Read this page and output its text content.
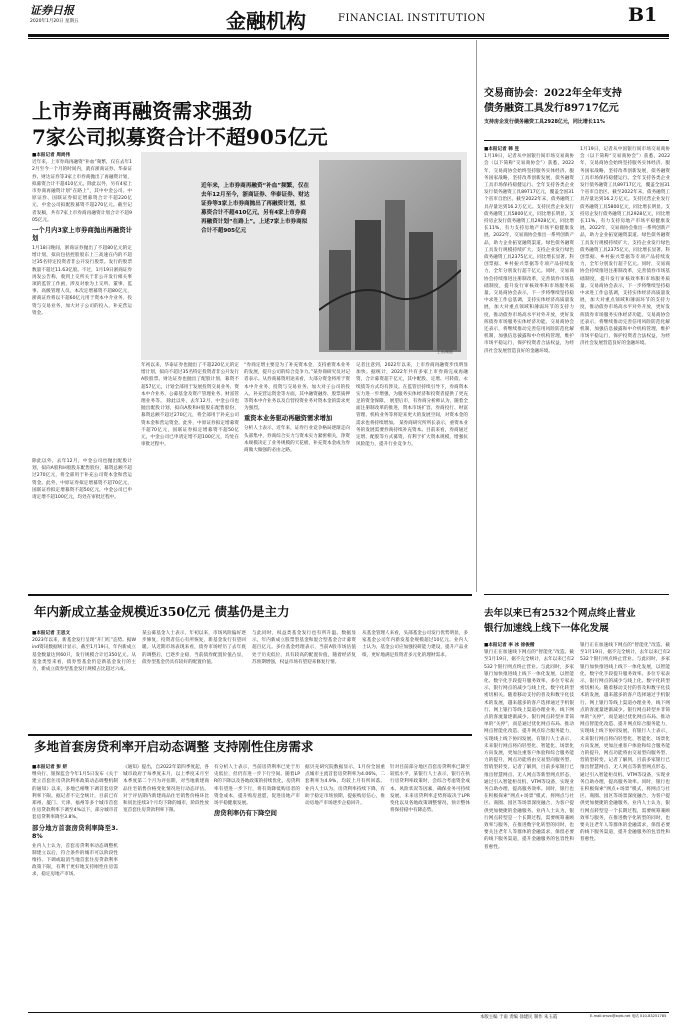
证券日报
2020年1月20日 星期五	金融机构	FINANCIAL INSTITUTION	B1
上市券商再融资需求强劲
7家公司拟募资合计不超905亿元
■本报记者 周尚伟
近年来，上市券商再融资“补血”频繁，仅在去年12月至今一个月的时间内，就有浙商证券、华泰证券、财达证券等3家上市券商抛出了再融资计划，拟募资合计不超410亿元。除此以外，另有4家上市券商再融资计划“在路上”，其中中金公司、中原证券、国联证券拟定增募资合计不超220亿元，中金公司拟配股募资不超270亿元。截至记者发稿，共有7家上市券商再融资计划合计不超905亿元。
一个月内3家上市券商抛出再融资计划
1月18日晚间，浙商证券抛出了不超80亿元的定增计划，拟向包括控股股东上三高速在内的不超过35名特定投资者非公开发行股票。发行的股票数量不超过11.63亿股。不过，1月19日浙商证券再发公告称，收到上交所关于非公开发行相关事项的监管工作函，涉及对象为上交所、董事、监事、高级管理人员。本次定增募资不超80亿元，浙商证券将以不超60亿元用于资本中介业务，投资与交易业务，加大对子公司的投入，补充营运资金。
近年来，上市券商再融资“补血”频繁，仅在去年12月至今，浙商证券、华泰证券、财达证券等3家上市券商抛出了再融资计划，拟募资合计不超410亿元，另有4家上市券商再融资计划“在路上”。上述7家上市券商拟合计不超905亿元
王东/制图
年初以来，华泰证券也抛出了不超220亿元的定增计划，拟向不超过35名特定投资者非公开发行A股股票。财达证券也抛出了配股计划，募资不超57亿元，计划全部用于发展投资交易业务、资本中介业务、公募基金及资产管理业务、财富管理业务等。 除此以外，去年12月，中金公司也抛出配股计划，拟向A股和H股股东配售股份，募资总额不超过270亿元，将全部用于补充公司资本金和营运资金。此外，中原证券拟定增募资不超70亿元，国联证券拟定增募资不超50亿元，中金公司已申请定增不超100亿元，均处在审批过程中。
“券商定增主要是为了补充资本金，支持重资本业务的发展，提升公司的综合竞争力。”某券商研究员对记者表示。从券商募资用途来看，大部分资金将用于资本中介业务、投资与交易业务、加大对子公司的投入、补充营运资金等方面，其中融资融券、股票质押等资本中介业务以及自营投资业务对资本金的需求更为强烈。
重资本业务驱动再融资需求增加
分析人士表示，近年来，证券行业竞争格局逐渐走向头部集中，券商综合实力与资本实力紧密相关，净资本规模决定了业务规模的天花板，补充资本金成为券商做大做强的必由之路。
记者注意到，2022年以来，上市券商再融资步伐明显加快。据统计，2022年共有多家上市券商完成再融资，合计募资超千亿元，其中配股、定增、可转债、永续债等方式均有涉及。在监管层持续引导下，券商资本实力进一步增强，为服务实体经济和投资者提供了更充足的资金保障。 展望后市，有券商分析师认为，随着全面注册制改革的推进，资本市场扩容，券商投行、财富管理、机构业务等将迎来更大的发展空间，对资本金的需求也将持续增加。 某券商研究所所长表示，重资本业务的发展需要券商持续补充资本。目前来看，券商通过定增、配股等方式募资，有利于扩大资本规模，增强抗风险能力，提升行业竞争力。
除此以外，去年12月，中金公司也抛出配股计划，拟向A股和H股股东配售股份，募资总额不超过270亿元，将全部用于补充公司资本金和营运资金。此外，中原证券拟定增募资不超70亿元，国联证券拟定增募资不超50亿元，中金公司已申请定增不超100亿元，均处在审批过程中。
交易商协会：2022年全年支持
债务融资工具发行89717亿元
支持房企发行债务融资工具2928亿元，同比增长11%
■本报记者 韩 昱
1月19日，记者从中国银行间市场交易商协会（以下简称“交易商协会”）获悉，2022年，交易商协会始终坚持服务实体经济、服务国家战略，坚持改革创新发展，债务融资工具市场保持稳健运行。全年支持各类企业发行债务融资工具89717亿元，覆盖全国31个省市自治区。截至2022年末，债务融资工具存量达到16.2万亿元。支持民营企业发行债务融资工具5800亿元，同比增长明显。支持房企发行债务融资工具2928亿元，同比增长11%，有力支持房地产市场平稳健康发展。2022年，交易商协会推出一系列创新产品，助力企业拓宽融资渠道。绿色债务融资工具发行规模持续扩大，支持企业发行绿色债务融资工具2375亿元，同比增长显著。科创票据、乡村振兴票据等专项产品持续发力，全年分别发行超千亿元。同时，交易商协会持续推进注册制改革，完善债券市场基础制度，提升发行审核效率和市场服务质量。交易商协会表示，下一步将继续坚持稳中求进工作总基调，支持实体经济高质量发展，加大对重点领域和薄弱环节的支持力度，推动债券市场高水平对外开放，更好发挥债券市场服务实体经济功能。交易商协会还表示，将继续推动完善信用风险防范化解机制，加强信息披露和中介机构管理，维护市场平稳运行，保护投资者合法权益，为经济社会发展营造良好的金融环境。
1月19日，记者从中国银行间市场交易商协会（以下简称“交易商协会”）获悉，2022年，交易商协会始终坚持服务实体经济、服务国家战略，坚持改革创新发展，债务融资工具市场保持稳健运行。全年支持各类企业发行债务融资工具89717亿元，覆盖全国31个省市自治区。截至2022年末，债务融资工具存量达到16.2万亿元。支持民营企业发行债务融资工具5800亿元，同比增长明显。支持房企发行债务融资工具2928亿元，同比增长11%，有力支持房地产市场平稳健康发展。2022年，交易商协会推出一系列创新产品，助力企业拓宽融资渠道。绿色债务融资工具发行规模持续扩大，支持企业发行绿色债务融资工具2375亿元，同比增长显著。科创票据、乡村振兴票据等专项产品持续发力，全年分别发行超千亿元。同时，交易商协会持续推进注册制改革，完善债券市场基础制度，提升发行审核效率和市场服务质量。交易商协会表示，下一步将继续坚持稳中求进工作总基调，支持实体经济高质量发展，加大对重点领域和薄弱环节的支持力度，推动债券市场高水平对外开放，更好发挥债券市场服务实体经济功能。交易商协会还表示，将继续推动完善信用风险防范化解机制，加强信息披露和中介机构管理，维护市场平稳运行，保护投资者合法权益，为经济社会发展营造良好的金融环境。
去年以来已有2532个网点终止营业
银行加速线上线下一体化发展
■本报记者 李 冰 徐俊楷
银行正在加速线下网点的“智能化”改造。截至1月19日，据不完全统计，去年以来已有2532个银行网点终止营业。与此同时，多家银行加快推进线上线下一体化发展，以智能化、数字化手段提升服务效率。多位专家表示，银行网点的减少与线上化、数字化转型密切相关。随着移动支付的普及和数字化技术的发展，越来越多的客户选择通过手机银行、网上银行等线上渠道办理业务，线下网点的客流量逐渐减少。银行网点转型并非简单的“关停”，而是通过优化网点布局、推动网点智能化改造、提升网点综合服务能力，实现线上线下协同发展。有银行人士表示，未来银行网点将向轻型化、智能化、场景化方向发展，更加注重客户体验和综合服务能力的提升，网点功能将由交易型向服务型、营销型转变。记者了解到，目前多家银行已推出智慧网点、无人网点等新型网点形态，通过引入智能柜员机、VTM等设备，实现业务自助办理，提高服务效率。同时，银行也在积极探索“网点+场景”模式，将网点与社区、商圈、园区等场景深度融合，为客户提供更加便捷的金融服务。业内人士认为，银行网点转型是一个长期过程，需要统筹兼顾效率与服务，在推进数字化转型的同时，也要关注老年人等群体的金融需求，保留必要的线下服务渠道，提升金融服务的包容性和普惠性。
银行正在加速线下网点的“智能化”改造。截至1月19日，据不完全统计，去年以来已有2532个银行网点终止营业。与此同时，多家银行加快推进线上线下一体化发展，以智能化、数字化手段提升服务效率。多位专家表示，银行网点的减少与线上化、数字化转型密切相关。随着移动支付的普及和数字化技术的发展，越来越多的客户选择通过手机银行、网上银行等线上渠道办理业务，线下网点的客流量逐渐减少。银行网点转型并非简单的“关停”，而是通过优化网点布局、推动网点智能化改造、提升网点综合服务能力，实现线上线下协同发展。有银行人士表示，未来银行网点将向轻型化、智能化、场景化方向发展，更加注重客户体验和综合服务能力的提升，网点功能将由交易型向服务型、营销型转变。记者了解到，目前多家银行已推出智慧网点、无人网点等新型网点形态，通过引入智能柜员机、VTM等设备，实现业务自助办理，提高服务效率。同时，银行也在积极探索“网点+场景”模式，将网点与社区、商圈、园区等场景深度融合，为客户提供更加便捷的金融服务。业内人士认为，银行网点转型是一个长期过程，需要统筹兼顾效率与服务，在推进数字化转型的同时，也要关注老年人等群体的金融需求，保留必要的线下服务渠道，提升金融服务的包容性和普惠性。
年内新成立基金规模近350亿元 债基仍是主力
■本报记者 王思文
2023年以来，新基金发行呈现“开门红”态势。据Wind资讯数据统计显示，截至1月19日，年内新成立基金数量达到60只，发行规模合计近350亿元。从基金类型来看，债券型基金仍是新基金发行的主力，新成立债券型基金发行规模占比超过六成。
某公募基金人士表示，年初以来，市场风险偏好逐步修复，投资者信心有所恢复，新基金发行有望回暖。从近期市场表现来看，债券市场经历了去年底的调整后，已逐步企稳，当前债券配置价值凸显，债券型基金仍具有较好的配置价值。
与此同时，权益类基金发行也有所升温。数据显示，年内新成立股票型基金和混合型基金合计募资超百亿元。多位基金经理表示，当前A股市场估值处于历史低位，具有较高的配置价值，随着经济复苏预期增强，权益市场有望迎来修复行情。
从基金管理人来看，头部基金公司发行优势明显，多家基金公司年内新发基金规模超过10亿元。业内人士认为，基金公司应加强投研能力建设，提升产品业绩，更好地满足投资者多元化的理财需求。
多地首套房贷利率开启动态调整 支持刚性住房需求
■本报记者 彭 妍
继央行、银保监会今年1月5日发布《关于建立首套住房贷款利率政策动态调整机制的通知》以来，多地已相继下调首套房贷利率下限。据记者不完全统计，目前已有郑州、厦门、天津、福州等多个城市首套住房贷款利率下调至4%以下，部分城市首套房贷利率降至3.8%。
部分地方首套房贷利率降至3.8%
业内人士认为，首套房贷利率动态调整机制建立以后，符合条件的城市可以阶段性维持、下调或取消当地首套住房贷款利率政策下限，有利于更好地支持刚性住房需求，稳定房地产市场。
《通知》提出，自2022年第四季度起，各城市政府于每季度末月，以上季度末月至本季度第二个月为评估期，对当地新建商品住宅销售价格变化情况进行动态评估。对于评估期内新建商品住宅销售价格环比和同比连续3个月均下降的城市，阶段性放宽首套住房贷款利率下限。
有分析人士表示，当前房贷利率已处于历史低位，但仍有进一步下行空间。随着LPR的下降以及各地政策的持续优化，房贷利率有望进一步下行，将有效降低购房者的资金成本，提升购房意愿，促进房地产市场平稳健康发展。
房贷利率仍有下降空间
据贝壳研究院数据显示，1月份全国重点城市主流首套房贷利率为4.06%，二套利率为4.9%，均较上月有所回落。业内人士认为，房贷利率持续下降，有助于稳定市场预期，提振购房信心，推动房地产市场逐步企稳回升。
针对目前部分地区首套房贷利率已降至较低水平，某银行人士表示，银行在执行房贷利率政策时，会综合考虑资金成本、风险状况等因素，确保业务可持续发展。未来房贷利率走势将取决于LPR变化以及各地政策调整情况，预计整体将保持稳中有降态势。
本版主编 于南 责编 徐建民 制作 朱玉霞	E-mail:zmzx@zqrb.net 电话 010-83251785
